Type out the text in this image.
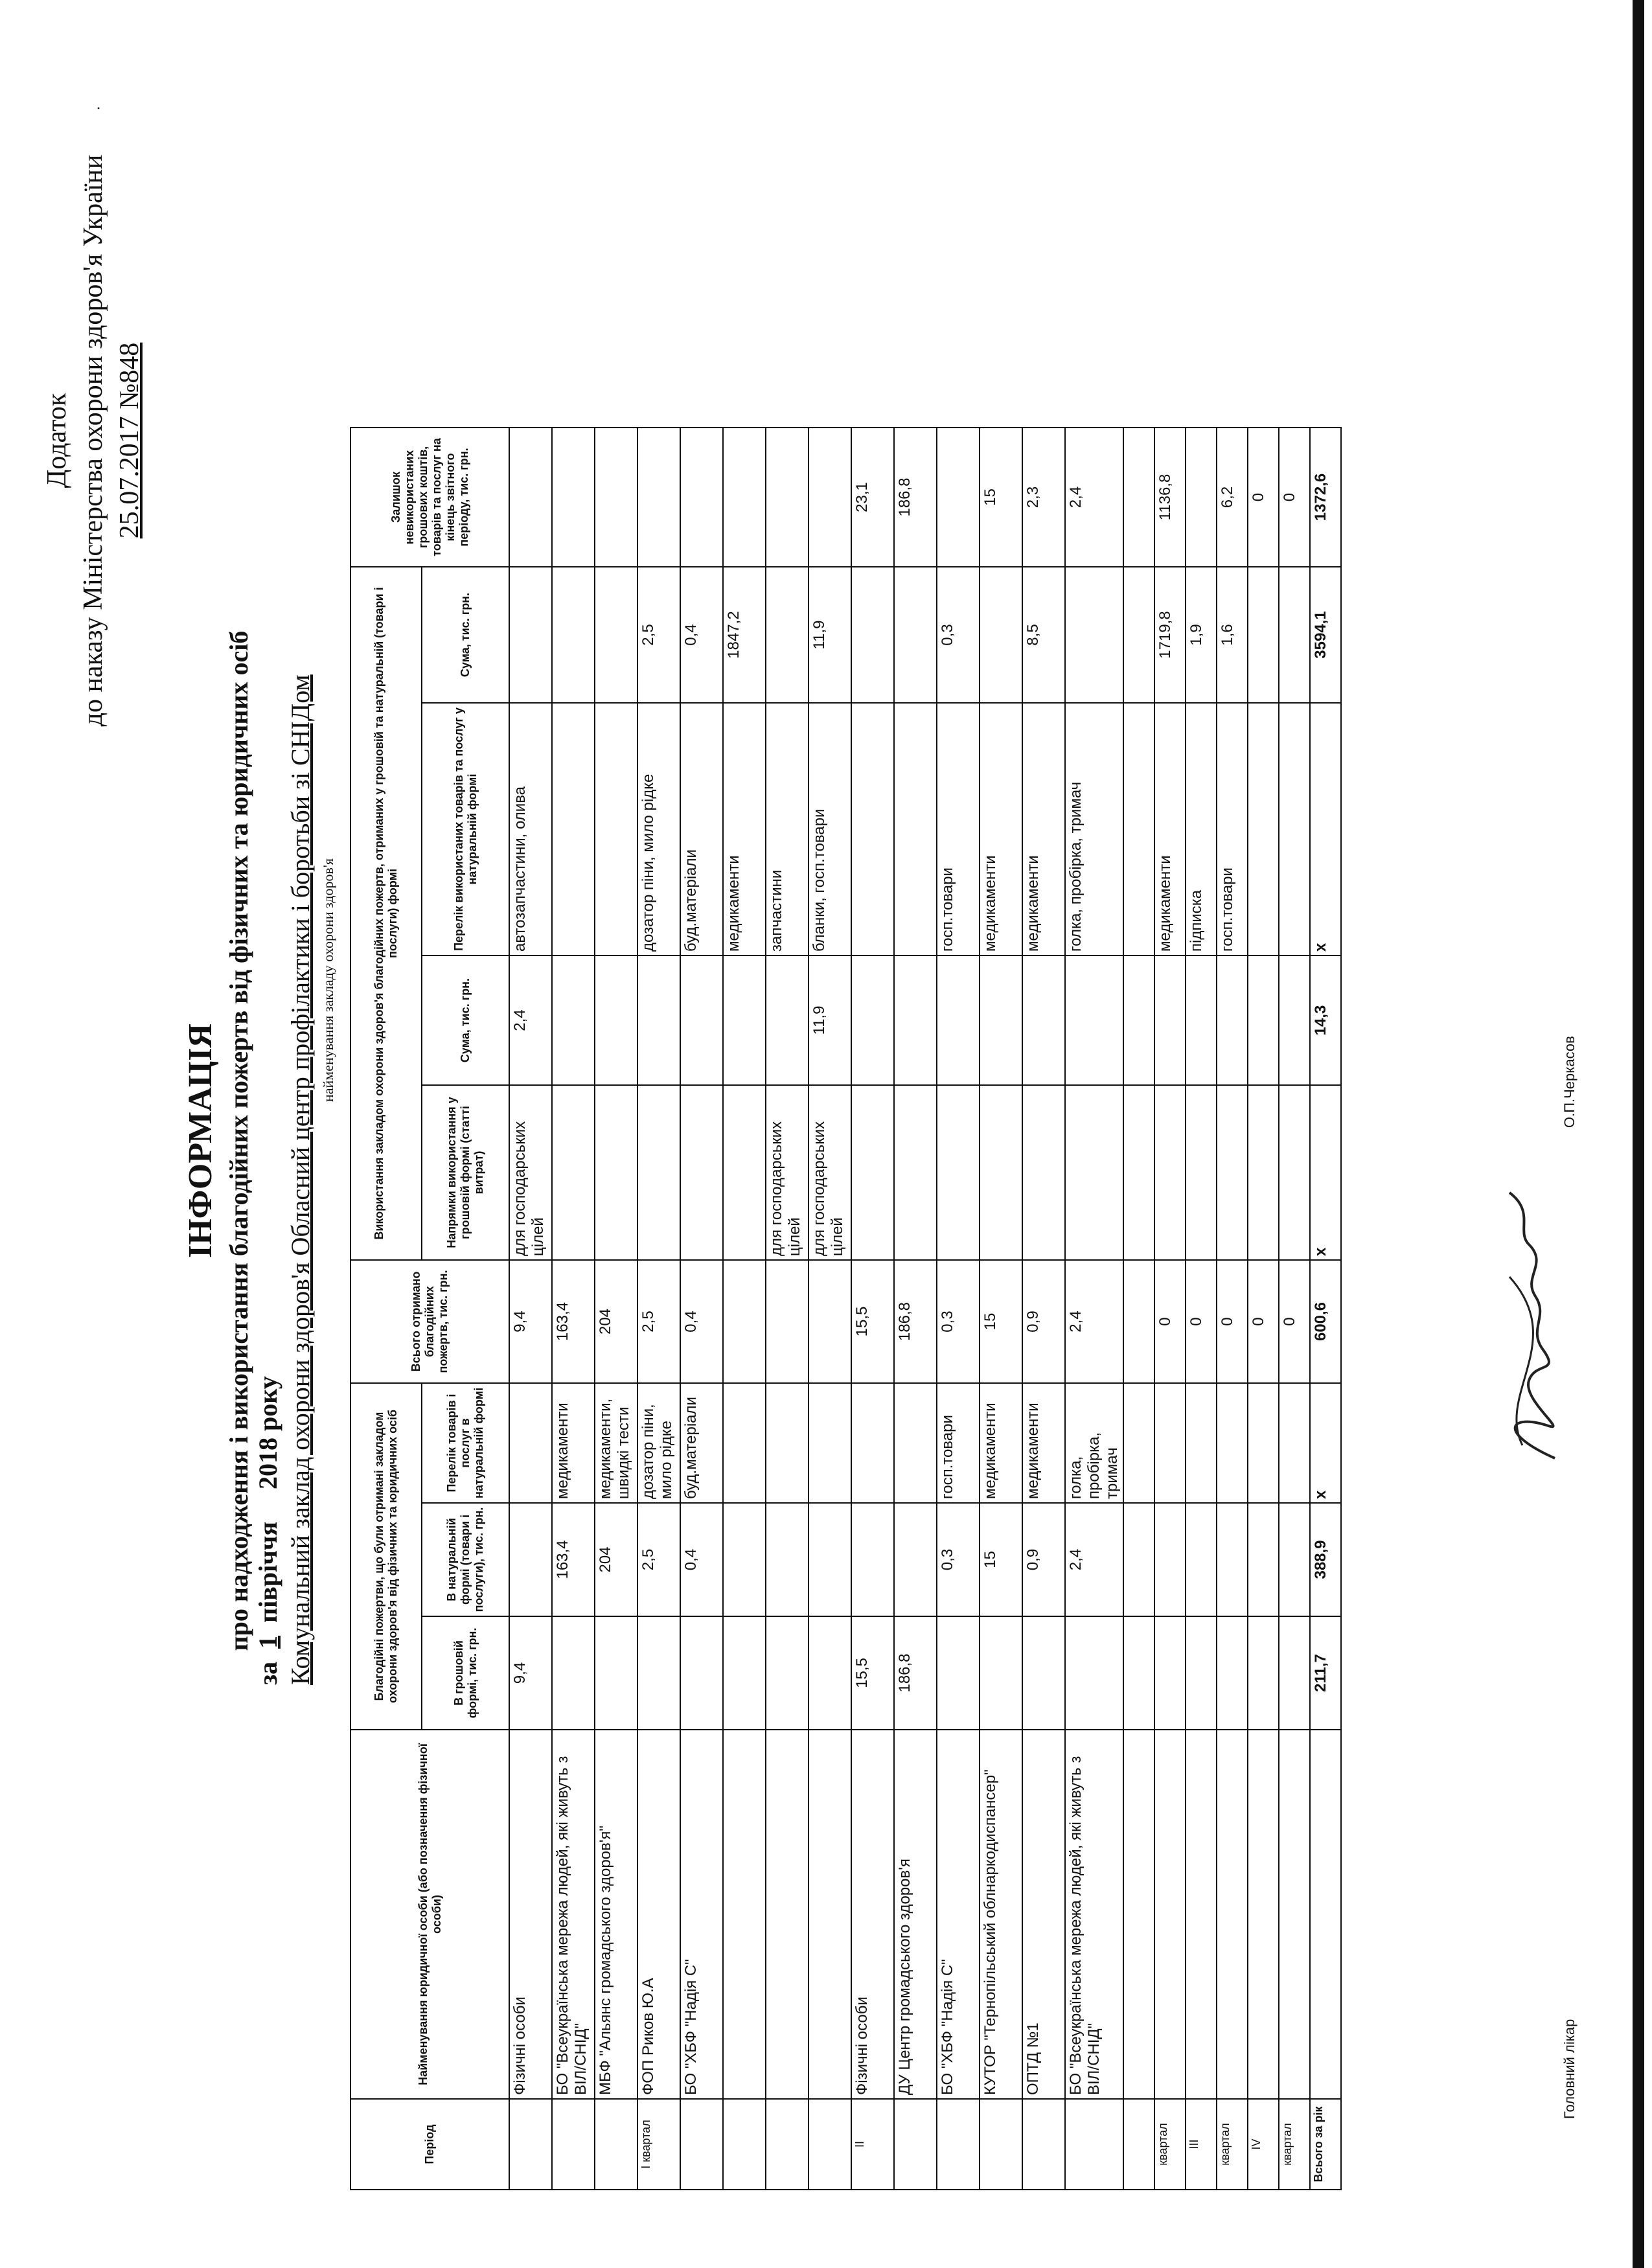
Додаток до наказу Міністерства охорони здоров'я України 25.07.2017 №848
ІНФОРМАЦІЯ про надходження і використання благодійних пожертв від фізичних та юридичних осіб
за 1 півріччя     2018 року Комунальний заклад охорони здоров'я Обласний центр профілактики і боротьби зі СНІДом найменування закладу охорони здоров'я
Період	Найменування юридичної особи (або позначення фізичної особи)	Благодійні пожертви, що були отримані закладом охорони здоров'я від фізичних та юридичних осіб			Всього отримано благодійних пожертв, тис. грн.	Використання закладом охорони здоров'я благодійних пожертв, отриманих у грошовій та натуральній (товари і послуги) формі				Залишок невикористаних грошових коштів, товарів та послуг на кінець звітного періоду, тис. грн.
		В грошовій формі, тис. грн.	В натуральній формі (товари і послуги), тис. грн.	Перелік товарів і послуг в натуральній формі		Напрямки використання у грошовій формі (статті витрат)	Сума, тис. грн.	Перелік використаних товарів та послуг у натуральній формі	Сума, тис. грн.	
	Фізичні особи	9,4			9,4	для господарських цілей	2,4	автозапчастини, олива		
	БО "Всеукраїнська мережа людей, які живуть з ВІЛ/СНІД"		163,4	медикаменти	163,4					
	МБФ "Альянс громадського здоров'я"		204	медикаменти, швидкі тести	204					
I квартал	ФОП Риков Ю.А		2,5	дозатор піни, мило рідке	2,5			дозатор піни, мило рідке	2,5	
	БО "ХБФ "Надія С"		0,4	буд.матеріали	0,4			буд.матеріали	0,4	
								медикаменти	1847,2	
						для господарських цілей		запчастини		
						для господарських цілей	11,9	бланки, госп.товари	11,9	
II	Фізичні особи	15,5			15,5					23,1
	ДУ Центр громадського здоров'я	186,8			186,8					186,8
	БО "ХБФ "Надія С"		0,3	госп.товари	0,3			госп.товари	0,3	
	КУТОР "Тернопільський облнаркодиспансер"		15	медикаменти	15			медикаменти		15
	ОПТД №1		0,9	медикаменти	0,9			медикаменти	8,5	2,3
	БО "Всеукраїнська мережа людей, які живуть з ВІЛ/СНІД"		2,4	голка, пробірка, тримач	2,4			голка, пробірка, тримач		2,4

квартал					0			медикаменти	1719,8	1136,8
III					0			підписка	1,9	
квартал					0			госп.товари	1,6	6,2
IV					0					0
квартал					0					0
Всього за рік		211,7	388,9	x	600,6	x	14,3	x	3594,1	1372,6
Головний лікар
О.П.Черкасов
·
